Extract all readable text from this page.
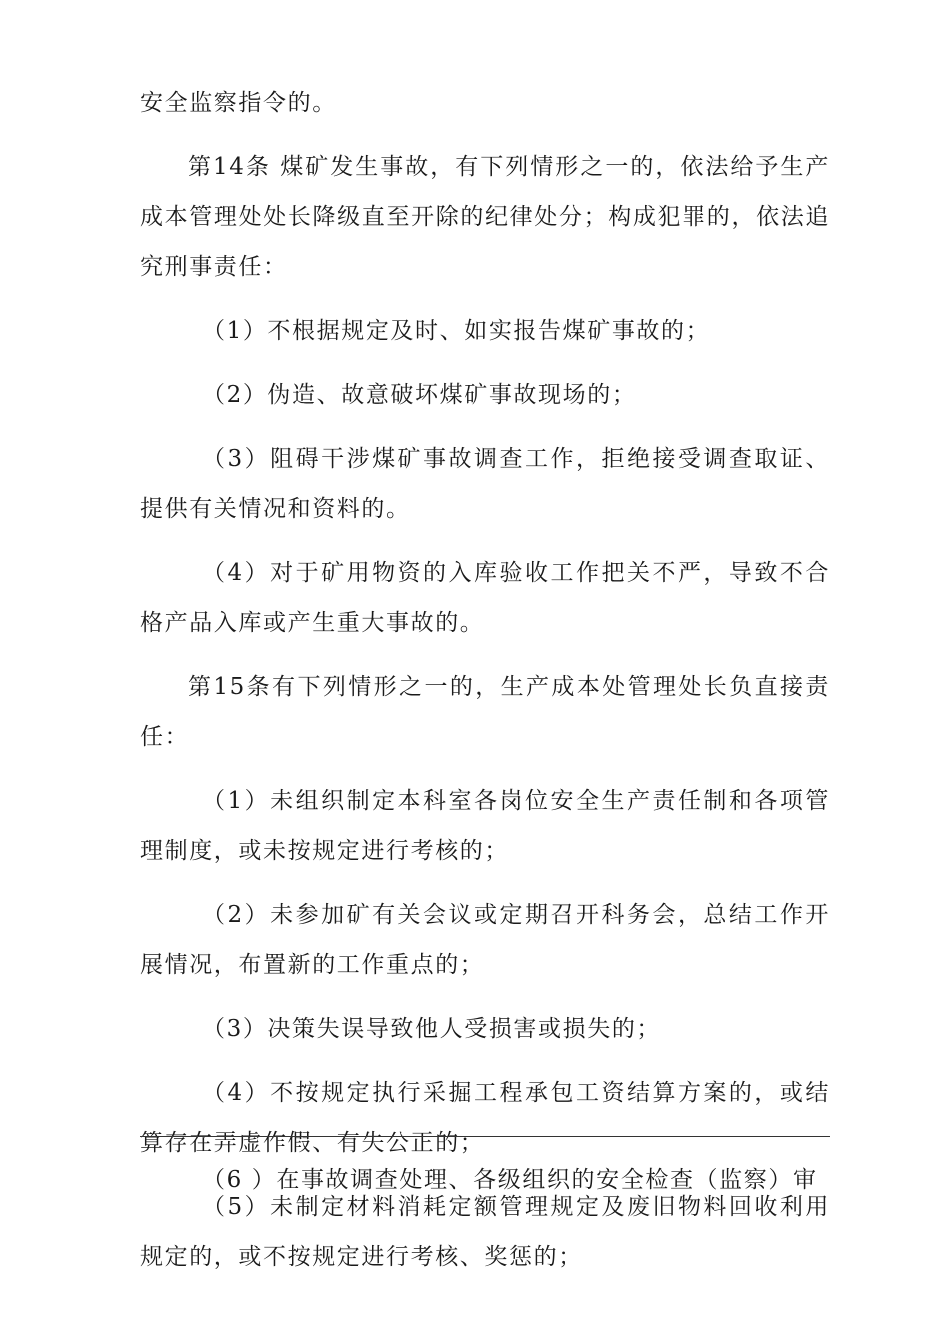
安全监察指令的。

第14条 煤矿发生事故，有下列情形之一的，依法给予生产成本管理处处长降级直至开除的纪律处分；构成犯罪的，依法追究刑事责任：

（1）不根据规定及时、如实报告煤矿事故的；

（2）伪造、故意破坏煤矿事故现场的；

（3）阻碍干涉煤矿事故调查工作，拒绝接受调查取证、提供有关情况和资料的。

（4）对于矿用物资的入库验收工作把关不严，导致不合格产品入库或产生重大事故的。

第15条有下列情形之一的，生产成本处管理处长负直接责任：

（1）未组织制定本科室各岗位安全生产责任制和各项管理制度，或未按规定进行考核的；

（2）未参加矿有关会议或定期召开科务会，总结工作开展情况，布置新的工作重点的；

（3）决策失误导致他人受损害或损失的；

（4）不按规定执行采掘工程承包工资结算方案的，或结算存在弄虚作假、有失公正的；

（5）未制定材料消耗定额管理规定及废旧物料回收利用规定的，或不按规定进行考核、奖惩的；

（6 ）在事故调查处理、各级组织的安全检查（监察）审
